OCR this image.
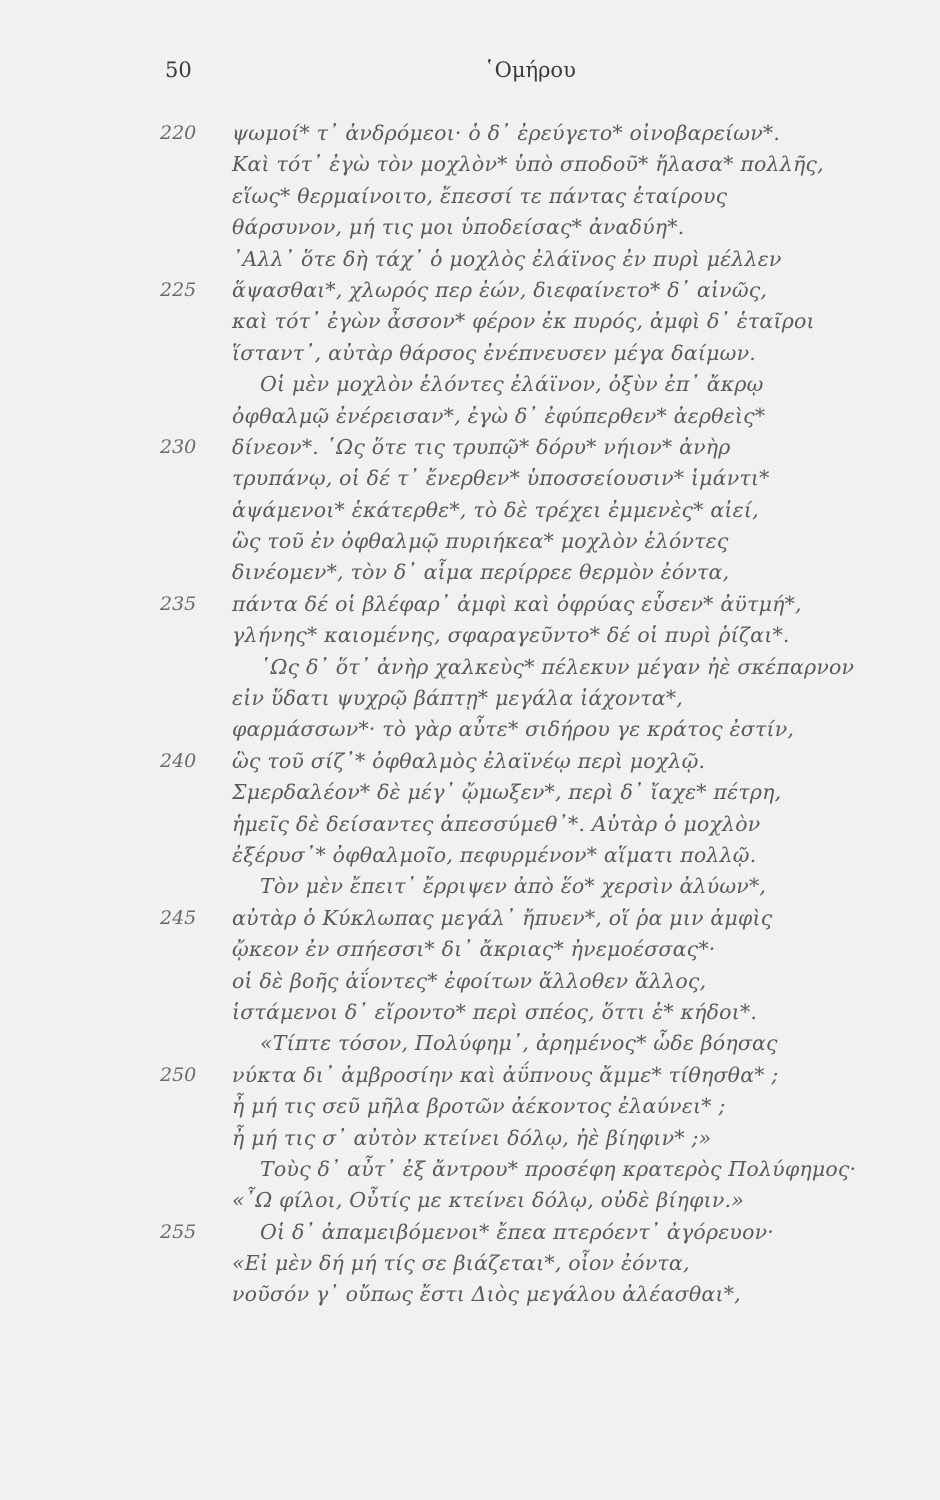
50	῾Ομήρου
220	ψωμοί* τ᾽ ἀνδρόμεοι· ὁ δ᾽ ἐρεύγετο* οἰνοβαρείων*.
Καὶ τότ᾽ ἐγὼ τὸν μοχλὸν* ὑπὸ σποδοῦ* ἤλασα* πολλῆς,
εἵως* θερμαίνοιτο, ἔπεσσί τε πάντας ἑταίρους
θάρσυνον, μή τις μοι ὑποδείσας* ἀναδύη*.
᾽Αλλ᾽ ὅτε δὴ τάχ᾽ ὁ μοχλὸς ἐλάϊνος ἐν πυρὶ μέλλεν
225	ἅψασθαι*, χλωρός περ ἐών, διεφαίνετο* δ᾽ αἰνῶς,
καὶ τότ᾽ ἐγὼν ἆσσον* φέρον ἐκ πυρός, ἀμφὶ δ᾽ ἑταῖροι
ἵσταντ᾽, αὐτὰρ θάρσος ἐνέπνευσεν μέγα δαίμων.
Οἱ μὲν μοχλὸν ἑλόντες ἐλάϊνον, ὀξὺν ἐπ᾽ ἄκρῳ
ὀφθαλμῷ ἐνέρεισαν*, ἐγὼ δ᾽ ἐφύπερθεν* ἀερθεὶς*
230	δίνεον*. ῾Ως ὅτε τις τρυπῷ* δόρυ* νήιον* ἀνὴρ
τρυπάνῳ, οἱ δέ τ᾽ ἔνερθεν* ὑποσσείουσιν* ἱμάντι*
ἁψάμενοι* ἑκάτερθε*, τὸ δὲ τρέχει ἐμμενὲς* αἰεί,
ὣς τοῦ ἐν ὀφθαλμῷ πυριήκεα* μοχλὸν ἑλόντες
δινέομεν*, τὸν δ᾽ αἷμα περίρρεε θερμὸν ἐόντα,
235	πάντα δέ οἱ βλέφαρ᾽ ἀμφὶ καὶ ὀφρύας εὗσεν* ἀϋτμή*,
γλήνης* καιομένης, σφαραγεῦντο* δέ οἱ πυρὶ ῥίζαι*.
῾Ως δ᾽ ὅτ᾽ ἀνὴρ χαλκεὺς* πέλεκυν μέγαν ἠὲ σκέπαρνον
εἰν ὕδατι ψυχρῷ βάπτῃ* μεγάλα ἰάχοντα*,
φαρμάσσων*· τὸ γὰρ αὖτε* σιδήρου γε κράτος ἐστίν,
240	ὣς τοῦ σίζ᾽* ὀφθαλμὸς ἐλαϊνέῳ περὶ μοχλῷ.
Σμερδαλέον* δὲ μέγ᾽ ᾤμωξεν*, περὶ δ᾽ ἴαχε* πέτρη,
ἡμεῖς δὲ δείσαντες ἀπεσσύμεθ᾽*. Αὐτὰρ ὁ μοχλὸν
ἐξέρυσ᾽* ὀφθαλμοῖο, πεφυρμένον* αἵματι πολλῷ.
Τὸν μὲν ἔπειτ᾽ ἔρριψεν ἀπὸ ἕο* χερσὶν ἀλύων*,
245	αὐτὰρ ὁ Κύκλωπας μεγάλ᾽ ἤπυεν*, οἵ ῥα μιν ἀμφὶς
ᾤκεον ἐν σπήεσσι* δι᾽ ἄκριας* ἠνεμοέσσας*·
οἱ δὲ βοῆς ἀΐοντες* ἐφοίτων ἄλλοθεν ἄλλος,
ἱστάμενοι δ᾽ εἴροντο* περὶ σπέος, ὅττι ἑ* κήδοι*.
«Τίπτε τόσον, Πολύφημ᾽, ἀρημένος* ὧδε βόησας
250	νύκτα δι᾽ ἀμβροσίην καὶ ἀΰπνους ἄμμε* τίθησθα* ;
ἦ μή τις σεῦ μῆλα βροτῶν ἀέκοντος ἐλαύνει* ;
ἦ μή τις σ᾽ αὐτὸν κτείνει δόλῳ, ἠὲ βίηφιν* ;»
Τοὺς δ᾽ αὖτ᾽ ἐξ ἄντρου* προσέφη κρατερὸς Πολύφημος·
«῏Ω φίλοι, Οὖτίς με κτείνει δόλῳ, οὐδὲ βίηφιν.»
255	Οἱ δ᾽ ἀπαμειβόμενοι* ἔπεα πτερόεντ᾽ ἀγόρευον·
«Εἰ μὲν δή μή τίς σε βιάζεται*, οἶον ἐόντα,
νοῦσόν γ᾽ οὔπως ἔστι Διὸς μεγάλου ἀλέασθαι*,
